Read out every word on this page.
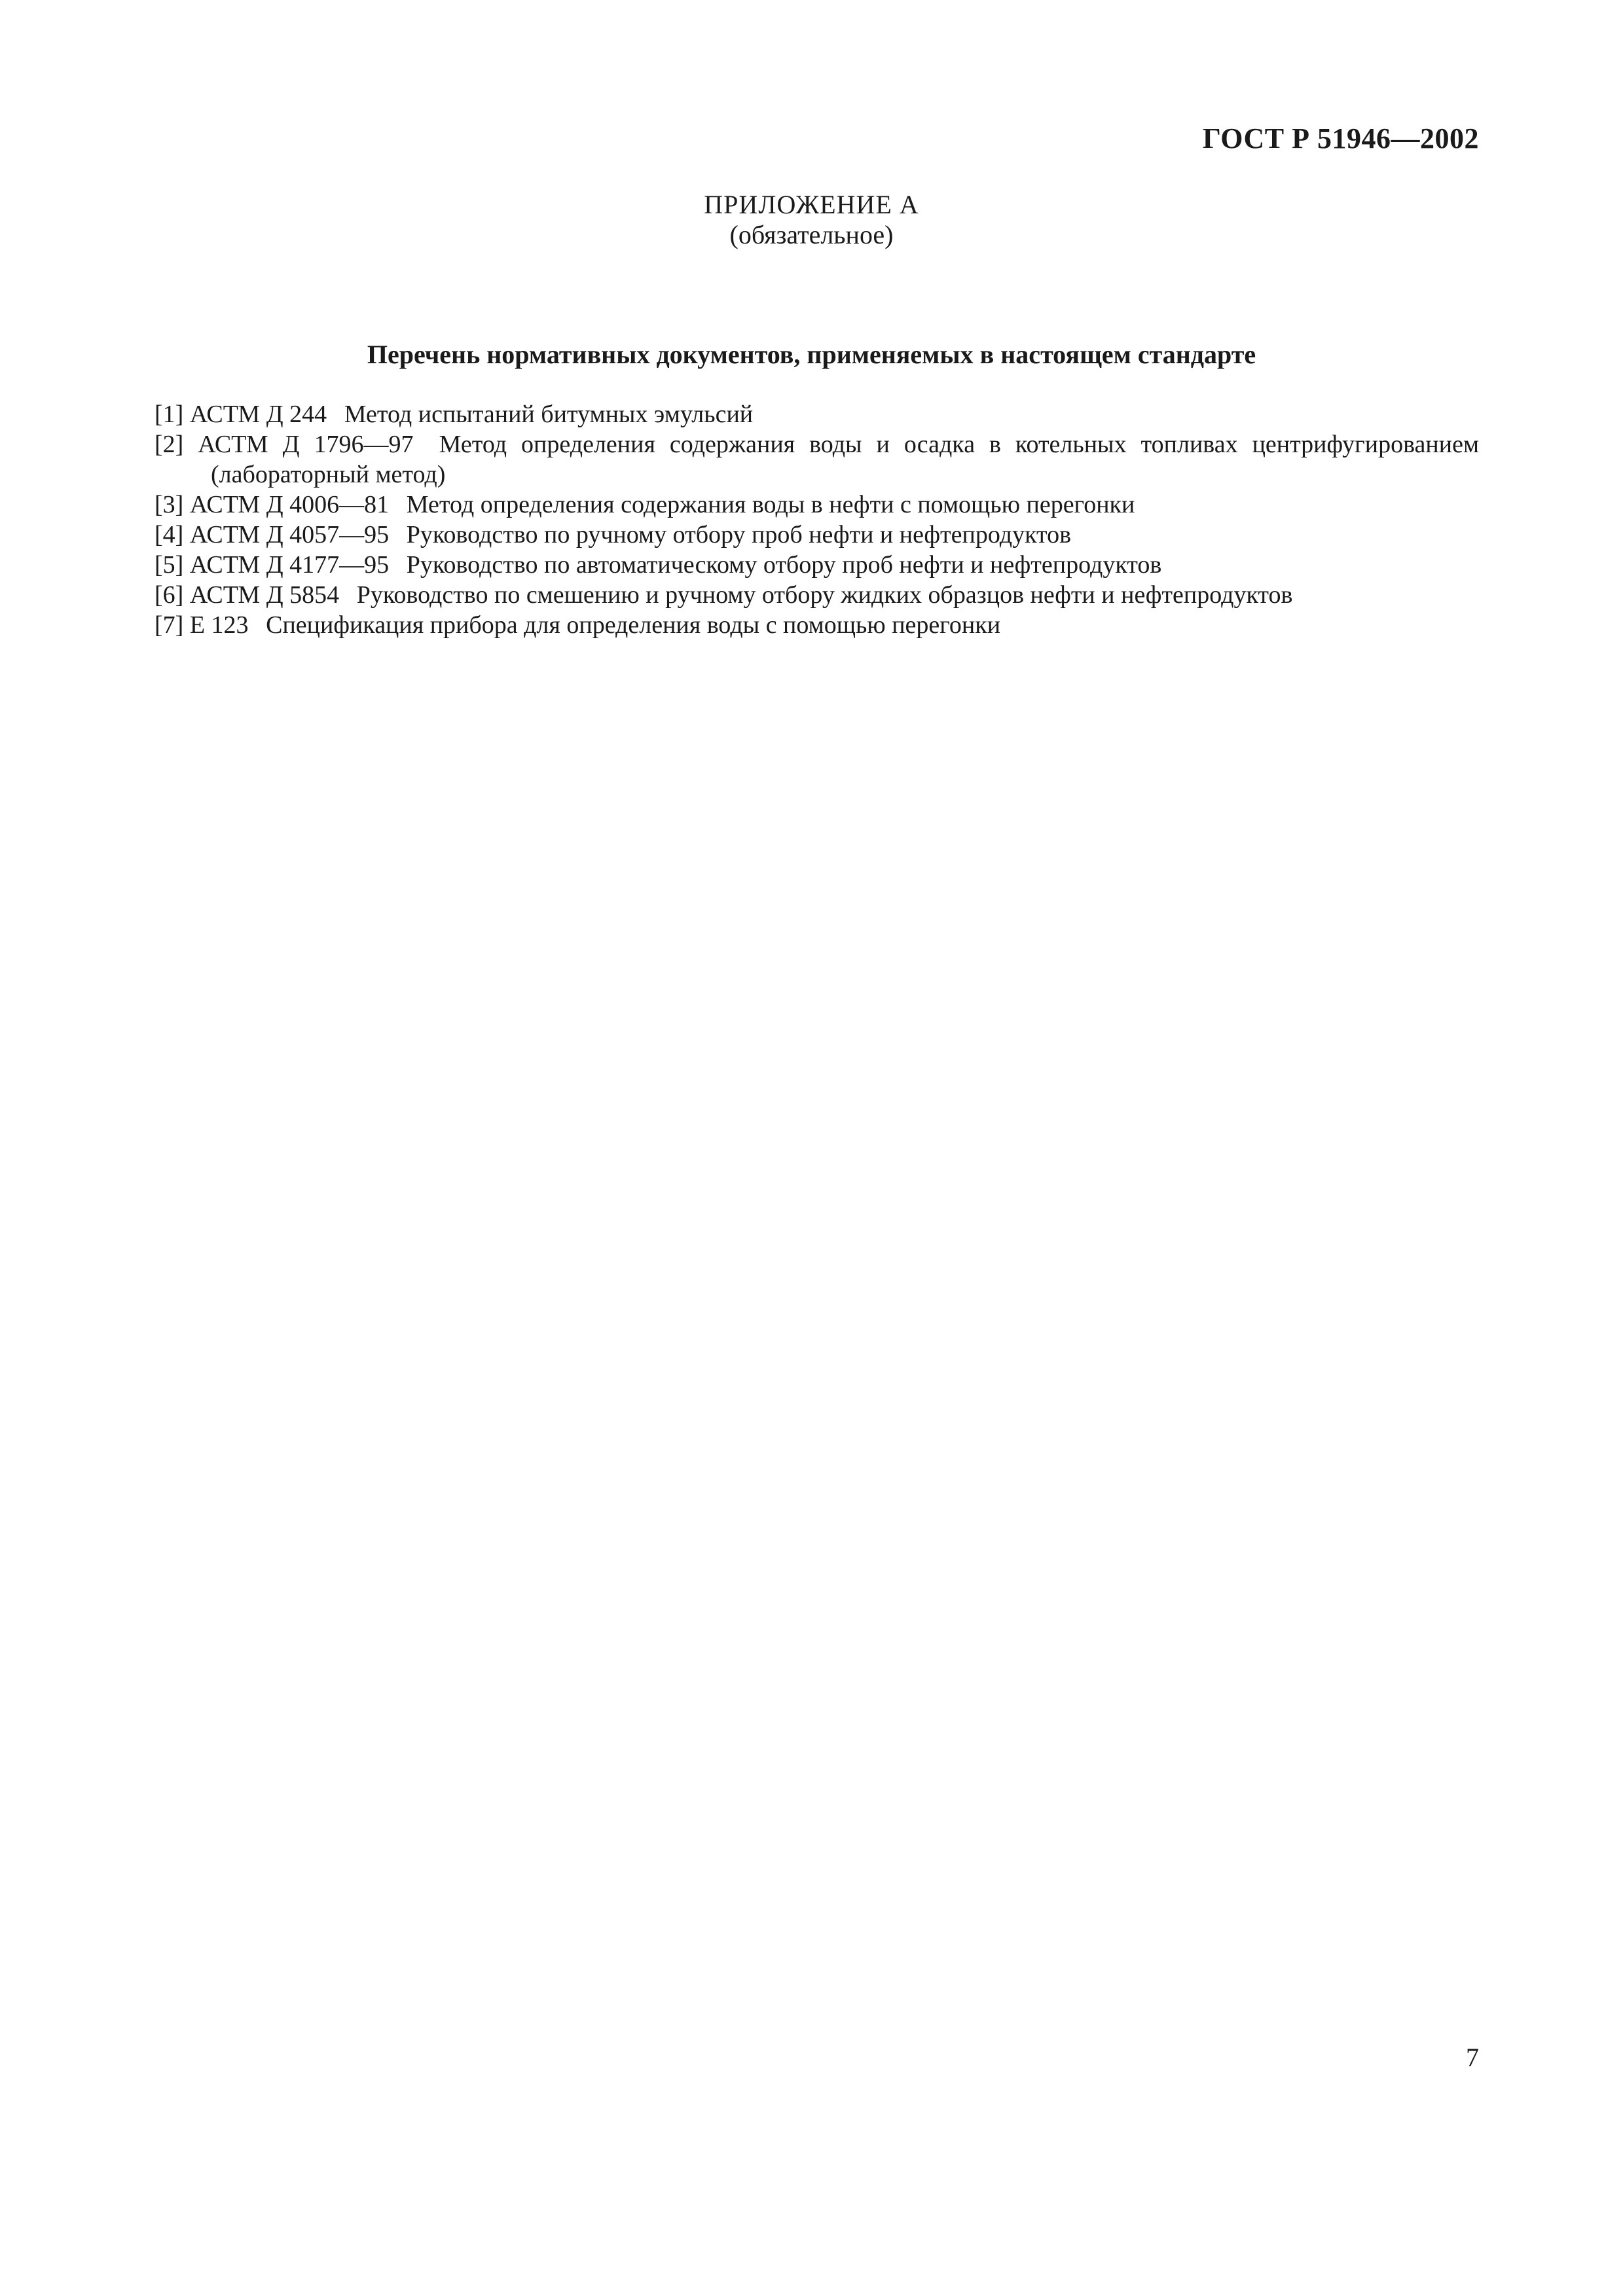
ГОСТ Р 51946—2002
ПРИЛОЖЕНИЕ А
(обязательное)
Перечень нормативных документов, применяемых в настоящем стандарте

[1] АСТМ Д 244 Метод испытаний битумных эмульсий

[2] АСТМ Д 1796—97 Метод определения содержания воды и осадка в котельных топливах центрифугированием (лабораторный метод)

[3] АСТМ Д 4006—81 Метод определения содержания воды в нефти с помощью перегонки

[4] АСТМ Д 4057—95 Руководство по ручному отбору проб нефти и нефтепродуктов

[5] АСТМ Д 4177—95 Руководство по автоматическому отбору проб нефти и нефтепродуктов

[6] АСТМ Д 5854 Руководство по смешению и ручному отбору жидких образцов нефти и нефтепродуктов

[7] Е 123 Спецификация прибора для определения воды с помощью перегонки

7
